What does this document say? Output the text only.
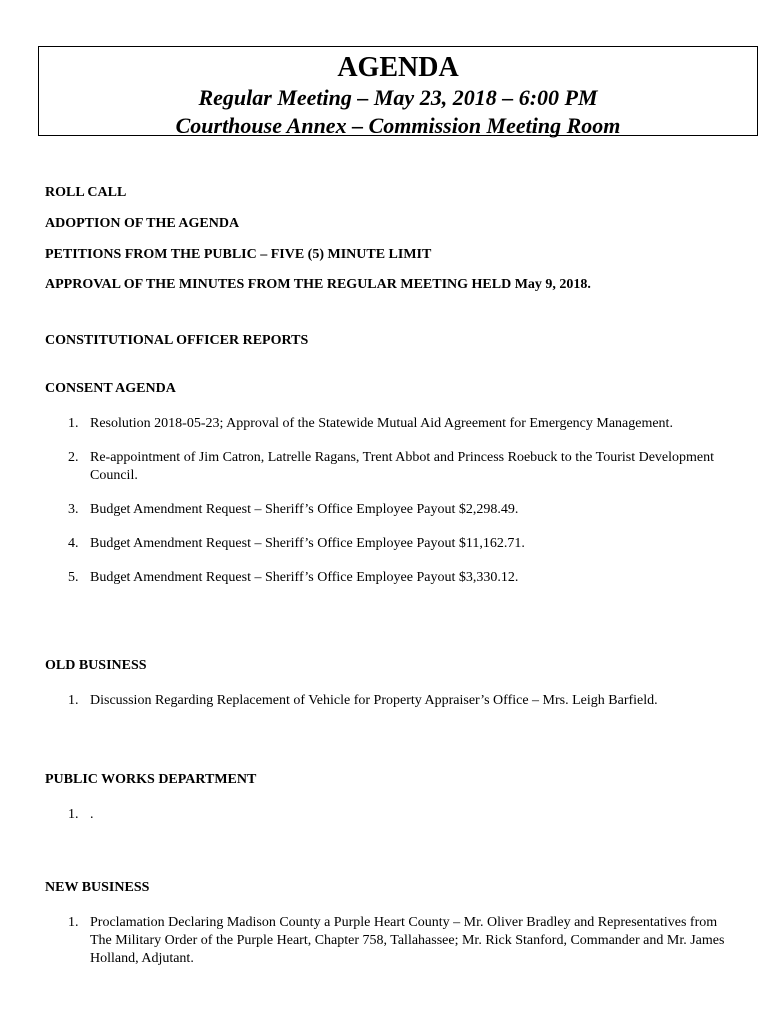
AGENDA
Regular Meeting – May 23, 2018 – 6:00 PM
Courthouse Annex – Commission Meeting Room
ROLL CALL
ADOPTION OF THE AGENDA
PETITIONS FROM THE PUBLIC – FIVE (5) MINUTE LIMIT
APPROVAL OF THE MINUTES FROM THE REGULAR MEETING HELD May 9, 2018.
CONSTITUTIONAL OFFICER REPORTS
CONSENT AGENDA
1. Resolution 2018-05-23; Approval of the Statewide Mutual Aid Agreement for Emergency Management.
2. Re-appointment of Jim Catron, Latrelle Ragans, Trent Abbot and Princess Roebuck to the Tourist Development Council.
3. Budget Amendment Request – Sheriff’s Office Employee Payout $2,298.49.
4. Budget Amendment Request – Sheriff’s Office Employee Payout $11,162.71.
5. Budget Amendment Request – Sheriff’s Office Employee Payout $3,330.12.
OLD BUSINESS
1. Discussion Regarding Replacement of Vehicle for Property Appraiser’s Office – Mrs. Leigh Barfield.
PUBLIC WORKS DEPARTMENT
1. .
NEW BUSINESS
1. Proclamation Declaring Madison County a Purple Heart County – Mr. Oliver Bradley and Representatives from The Military Order of the Purple Heart, Chapter 758, Tallahassee; Mr. Rick Stanford, Commander and Mr. James Holland, Adjutant.
